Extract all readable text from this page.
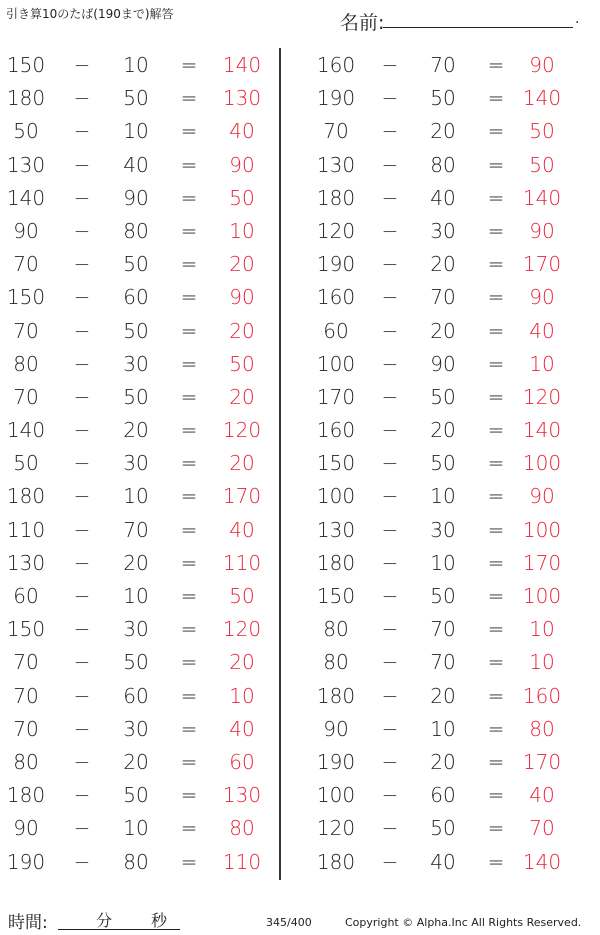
引き算10のたば(190まで)解答	名前:	.
150	−	10	=	140
180	−	50	=	130
50	−	10	=	40
130	−	40	=	90
140	−	90	=	50
90	−	80	=	10
70	−	50	=	20
150	−	60	=	90
70	−	50	=	20
80	−	30	=	50
70	−	50	=	20
140	−	20	=	120
50	−	30	=	20
180	−	10	=	170
110	−	70	=	40
130	−	20	=	110
60	−	10	=	50
150	−	30	=	120
70	−	50	=	20
70	−	60	=	10
70	−	30	=	40
80	−	20	=	60
180	−	50	=	130
90	−	10	=	80
190	−	80	=	110
160	−	70	=	90
190	−	50	= 140
70	−	20	=	50
130	−	80	=	50
180	−	40	= 140
120	−	30	=	90
190	−	20	= 170
160	−	70	=	90
60	−	20	=	40
100	−	90	=	10
170	−	50	= 120
160	−	20	= 140
150	−	50	= 100
100	−	10	=	90
130	−	30	= 100
180	−	10	= 170
150	−	50	= 100
80	−	70	=	10
80	−	70	=	10
180	−	20	= 160
90	−	10	=	80
190	−	20	= 170
100	−	60	=	40
120	−	50	=	70
180	−	40	= 140
時間:	分 秒	345/400	Copyright © Alpha.Inc All Rights Reserved.
